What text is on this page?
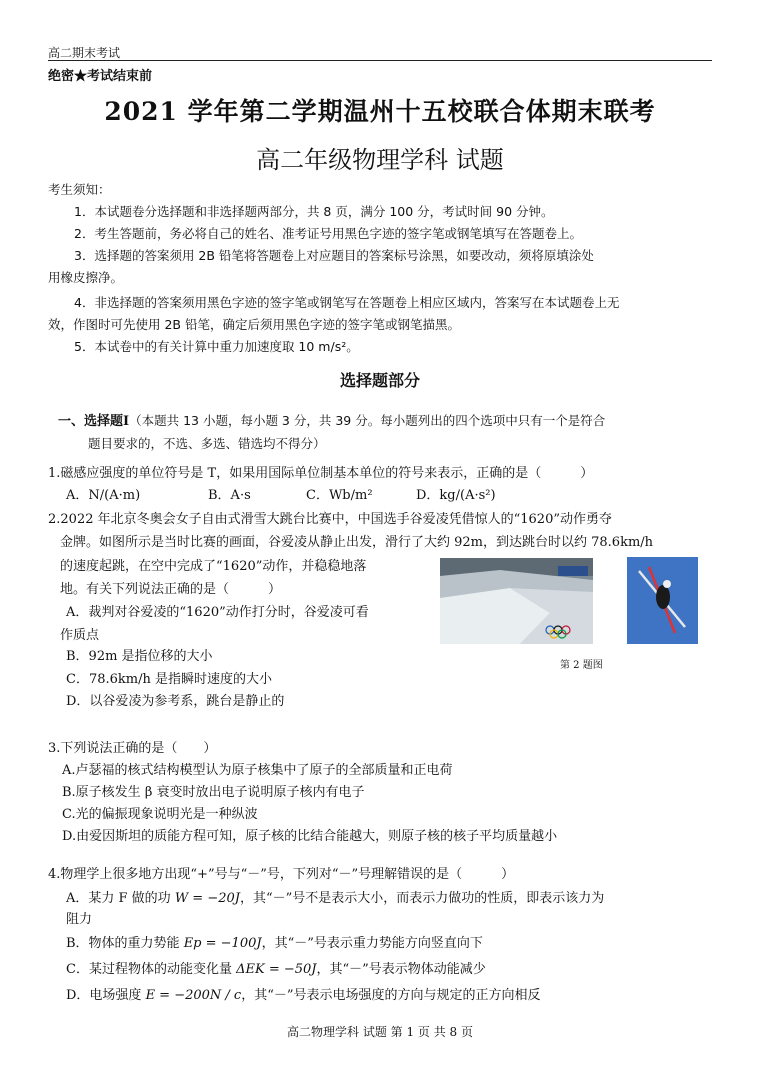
高二期末考试
绝密★考试结束前
2021 学年第二学期温州十五校联合体期末联考
高二年级物理学科 试题
考生须知：
1．本试题卷分选择题和非选择题两部分，共 8 页，满分 100 分，考试时间 90 分钟。
2．考生答题前，务必将自己的姓名、准考证号用黑色字迹的签字笔或钢笔填写在答题卷上。
3．选择题的答案须用 2B 铅笔将答题卷上对应题目的答案标号涂黑，如要改动，须将原填涂处
用橡皮擦净。
4．非选择题的答案须用黑色字迹的签字笔或钢笔写在答题卷上相应区域内，答案写在本试题卷上无
效，作图时可先使用 2B 铅笔，确定后须用黑色字迹的签字笔或钢笔描黑。
5．本试卷中的有关计算中重力加速度取 10 m/s²。
选择题部分
一、选择题Ⅰ（本题共 13 小题，每小题 3 分，共 39 分。每小题列出的四个选项中只有一个是符合
题目要求的，不选、多选、错选均不得分）
1.磁感应强度的单位符号是 T，如果用国际单位制基本单位的符号来表示，正确的是（　　　）
A．N/(A·m)	B．A·s	C．Wb/m²	D．kg/(A·s²)
2.2022 年北京冬奥会女子自由式滑雪大跳台比赛中，中国选手谷爱凌凭借惊人的“1620”动作勇夺
金牌。如图所示是当时比赛的画面，谷爱凌从静止出发，滑行了大约 92m，到达跳台时以约 78.6km/h
的速度起跳，在空中完成了“1620”动作，并稳稳地落
地。有关下列说法正确的是（　　　）
A．裁判对谷爱凌的“1620”动作打分时，谷爱凌可看
作质点
B．92m 是指位移的大小
C．78.6km/h 是指瞬时速度的大小
D．以谷爱凌为参考系，跳台是静止的
第 2 题图
3.下列说法正确的是（　　）
A.卢瑟福的核式结构模型认为原子核集中了原子的全部质量和正电荷
B.原子核发生 β 衰变时放出电子说明原子核内有电子
C.光的偏振现象说明光是一种纵波
D.由爱因斯坦的质能方程可知，原子核的比结合能越大，则原子核的核子平均质量越小
4.物理学上很多地方出现“+”号与“－”号，下列对“－”号理解错误的是（　　　）
A．某力 F 做的功 W = −20J，其“－”号不是表示大小，而表示力做功的性质，即表示该力为
阻力
B．物体的重力势能 Ep = −100J，其“－”号表示重力势能方向竖直向下
C．某过程物体的动能变化量 ΔEK = −50J，其“－”号表示物体动能减少
D．电场强度 E = −200N / c，其“－”号表示电场强度的方向与规定的正方向相反
高二物理学科 试题 第 1 页 共 8 页
